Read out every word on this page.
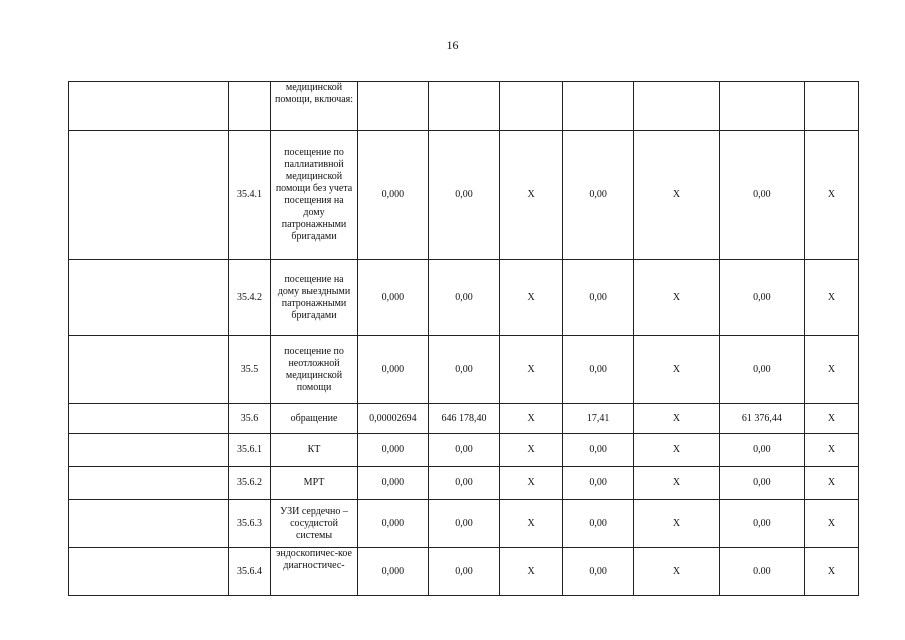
16
		медицинской помощи, включая:							
	35.4.1	посещение по паллиативной медицинской помощи без учета посещения на дому патронажными бригадами	0,000	0,00	X	0,00	X	0,00	X
	35.4.2	посещение на дому выездными патронажными бригадами	0,000	0,00	X	0,00	X	0,00	X
	35.5	посещение по неотложной медицинской помощи	0,000	0,00	X	0,00	X	0,00	X
	35.6	обращение	0,00002694	646 178,40	X	17,41	X	61 376,44	X
	35.6.1	КТ	0,000	0,00	X	0,00	X	0,00	X
	35.6.2	МРТ	0,000	0,00	X	0,00	X	0,00	X
	35.6.3	УЗИ сердечно – сосудистой системы	0,000	0,00	X	0,00	X	0,00	X
	35.6.4	эндоскопичес-кое диагностичес-	0,000	0,00	X	0,00	X	0.00	X
